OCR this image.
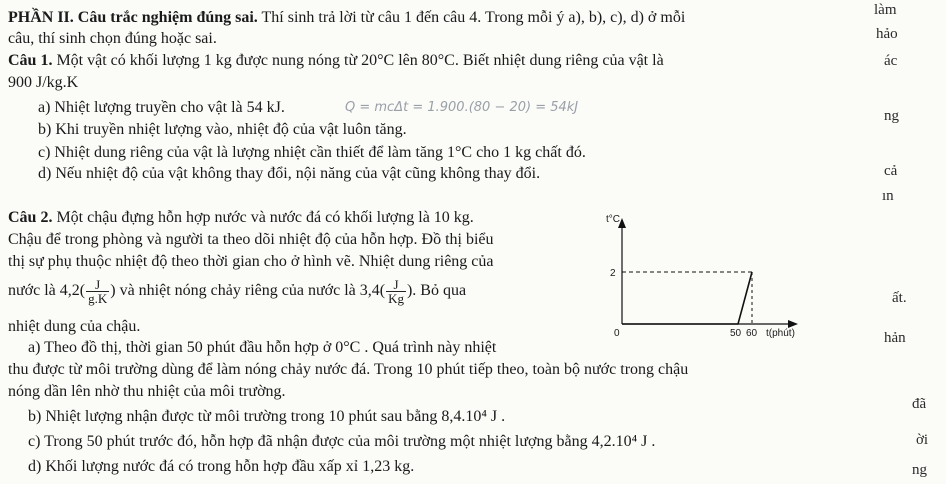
PHẦN II. Câu trắc nghiệm đúng sai. Thí sinh trả lời từ câu 1 đến câu 4. Trong mỗi ý a), b), c), d) ở mỗi
câu, thí sinh chọn đúng hoặc sai.
Câu 1. Một vật có khối lượng 1 kg được nung nóng từ 20°C lên 80°C. Biết nhiệt dung riêng của vật là
900 J/kg.K
a) Nhiệt lượng truyền cho vật là 54 kJ.	Q = mcΔt = 1.900.(80 − 20) = 54kJ
b) Khi truyền nhiệt lượng vào, nhiệt độ của vật luôn tăng.
c) Nhiệt dung riêng của vật là lượng nhiệt cần thiết để làm tăng 1°C cho 1 kg chất đó.
d) Nếu nhiệt độ của vật không thay đổi, nội năng của vật cũng không thay đổi.
Câu 2. Một chậu đựng hỗn hợp nước và nước đá có khối lượng là 10 kg.
Chậu để trong phòng và người ta theo dõi nhiệt độ của hỗn hợp. Đồ thị biểu
thị sự phụ thuộc nhiệt độ theo thời gian cho ở hình vẽ. Nhiệt dung riêng của
nước là $4,2( \frac{J}{g.K}$ ) và nhiệt nóng chảy riêng của nước là $3,4( \frac{J}{Kg}$ ). Bỏ qua
nhiệt dung của chậu.
a) Theo đồ thị, thời gian 50 phút đầu hỗn hợp ở 0°C . Quá trình này nhiệt
thu được từ môi trường dùng để làm nóng chảy nước đá. Trong 10 phút tiếp theo, toàn bộ nước trong chậu
nóng dần lên nhờ thu nhiệt của môi trường.
b) Nhiệt lượng nhận được từ môi trường trong 10 phút sau bằng 8,4.10⁴ J .
c) Trong 50 phút trước đó, hỗn hợp đã nhận được của môi trường một nhiệt lượng bằng 4,2.10⁴ J .
d) Khối lượng nước đá có trong hỗn hợp đầu xấp xỉ 1,23 kg.
t°C
2
0	50 60 t(phút)
làm
hảo
ác
ng
cả
ın
ất.
hản
đã
ời
ng
